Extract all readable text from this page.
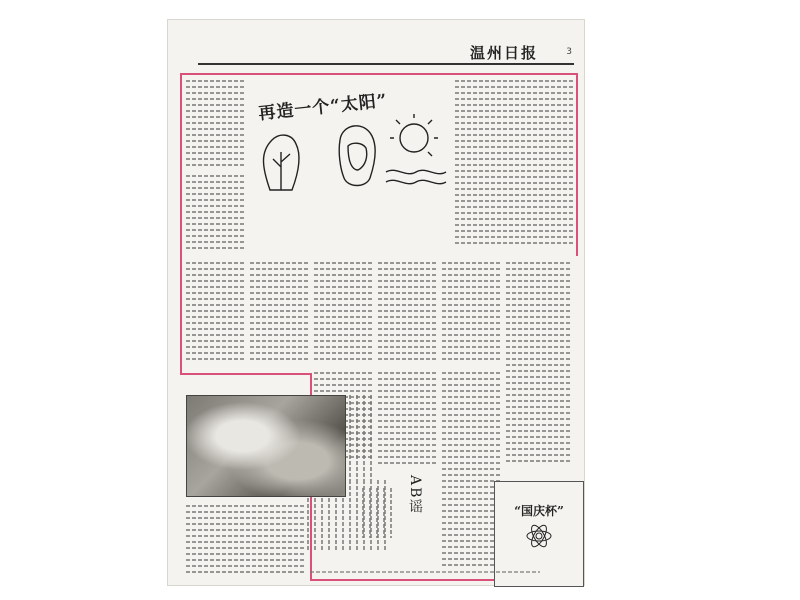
温州日报	3
再造一个“太阳”
AB谣	“国庆杯”
